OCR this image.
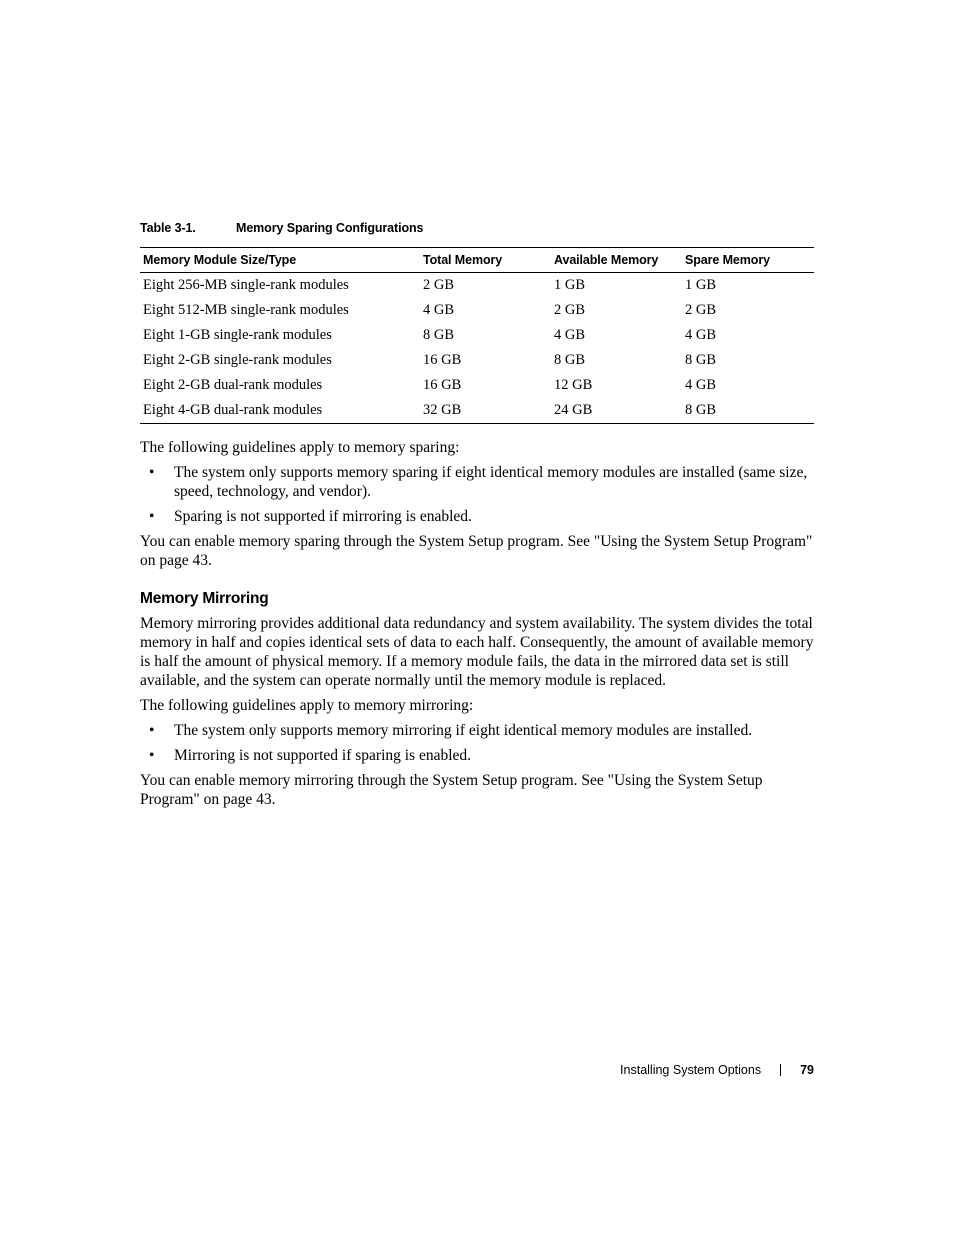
Table 3-1.	Memory Sparing Configurations
Memory Module Size/Type	Total Memory	Available Memory	Spare Memory
Eight 256-MB single-rank modules	2 GB	1 GB	1 GB
Eight 512-MB single-rank modules	4 GB	2 GB	2 GB
Eight 1-GB single-rank modules	8 GB	4 GB	4 GB
Eight 2-GB single-rank modules	16 GB	8 GB	8 GB
Eight 2-GB dual-rank modules	16 GB	12 GB	4 GB
Eight 4-GB dual-rank modules	32 GB	24 GB	8 GB

The following guidelines apply to memory sparing:

• The system only supports memory sparing if eight identical memory modules are installed (same size, speed, technology, and vendor).
• Sparing is not supported if mirroring is enabled.

You can enable memory sparing through the System Setup program. See "Using the System Setup Program" on page 43.

Memory Mirroring

Memory mirroring provides additional data redundancy and system availability. The system divides the total memory in half and copies identical sets of data to each half. Consequently, the amount of available memory is half the amount of physical memory. If a memory module fails, the data in the mirrored data set is still available, and the system can operate normally until the memory module is replaced.

The following guidelines apply to memory mirroring:

• The system only supports memory mirroring if eight identical memory modules are installed.
• Mirroring is not supported if sparing is enabled.

You can enable memory mirroring through the System Setup program. See "Using the System Setup Program" on page 43.

Installing System Options	79
